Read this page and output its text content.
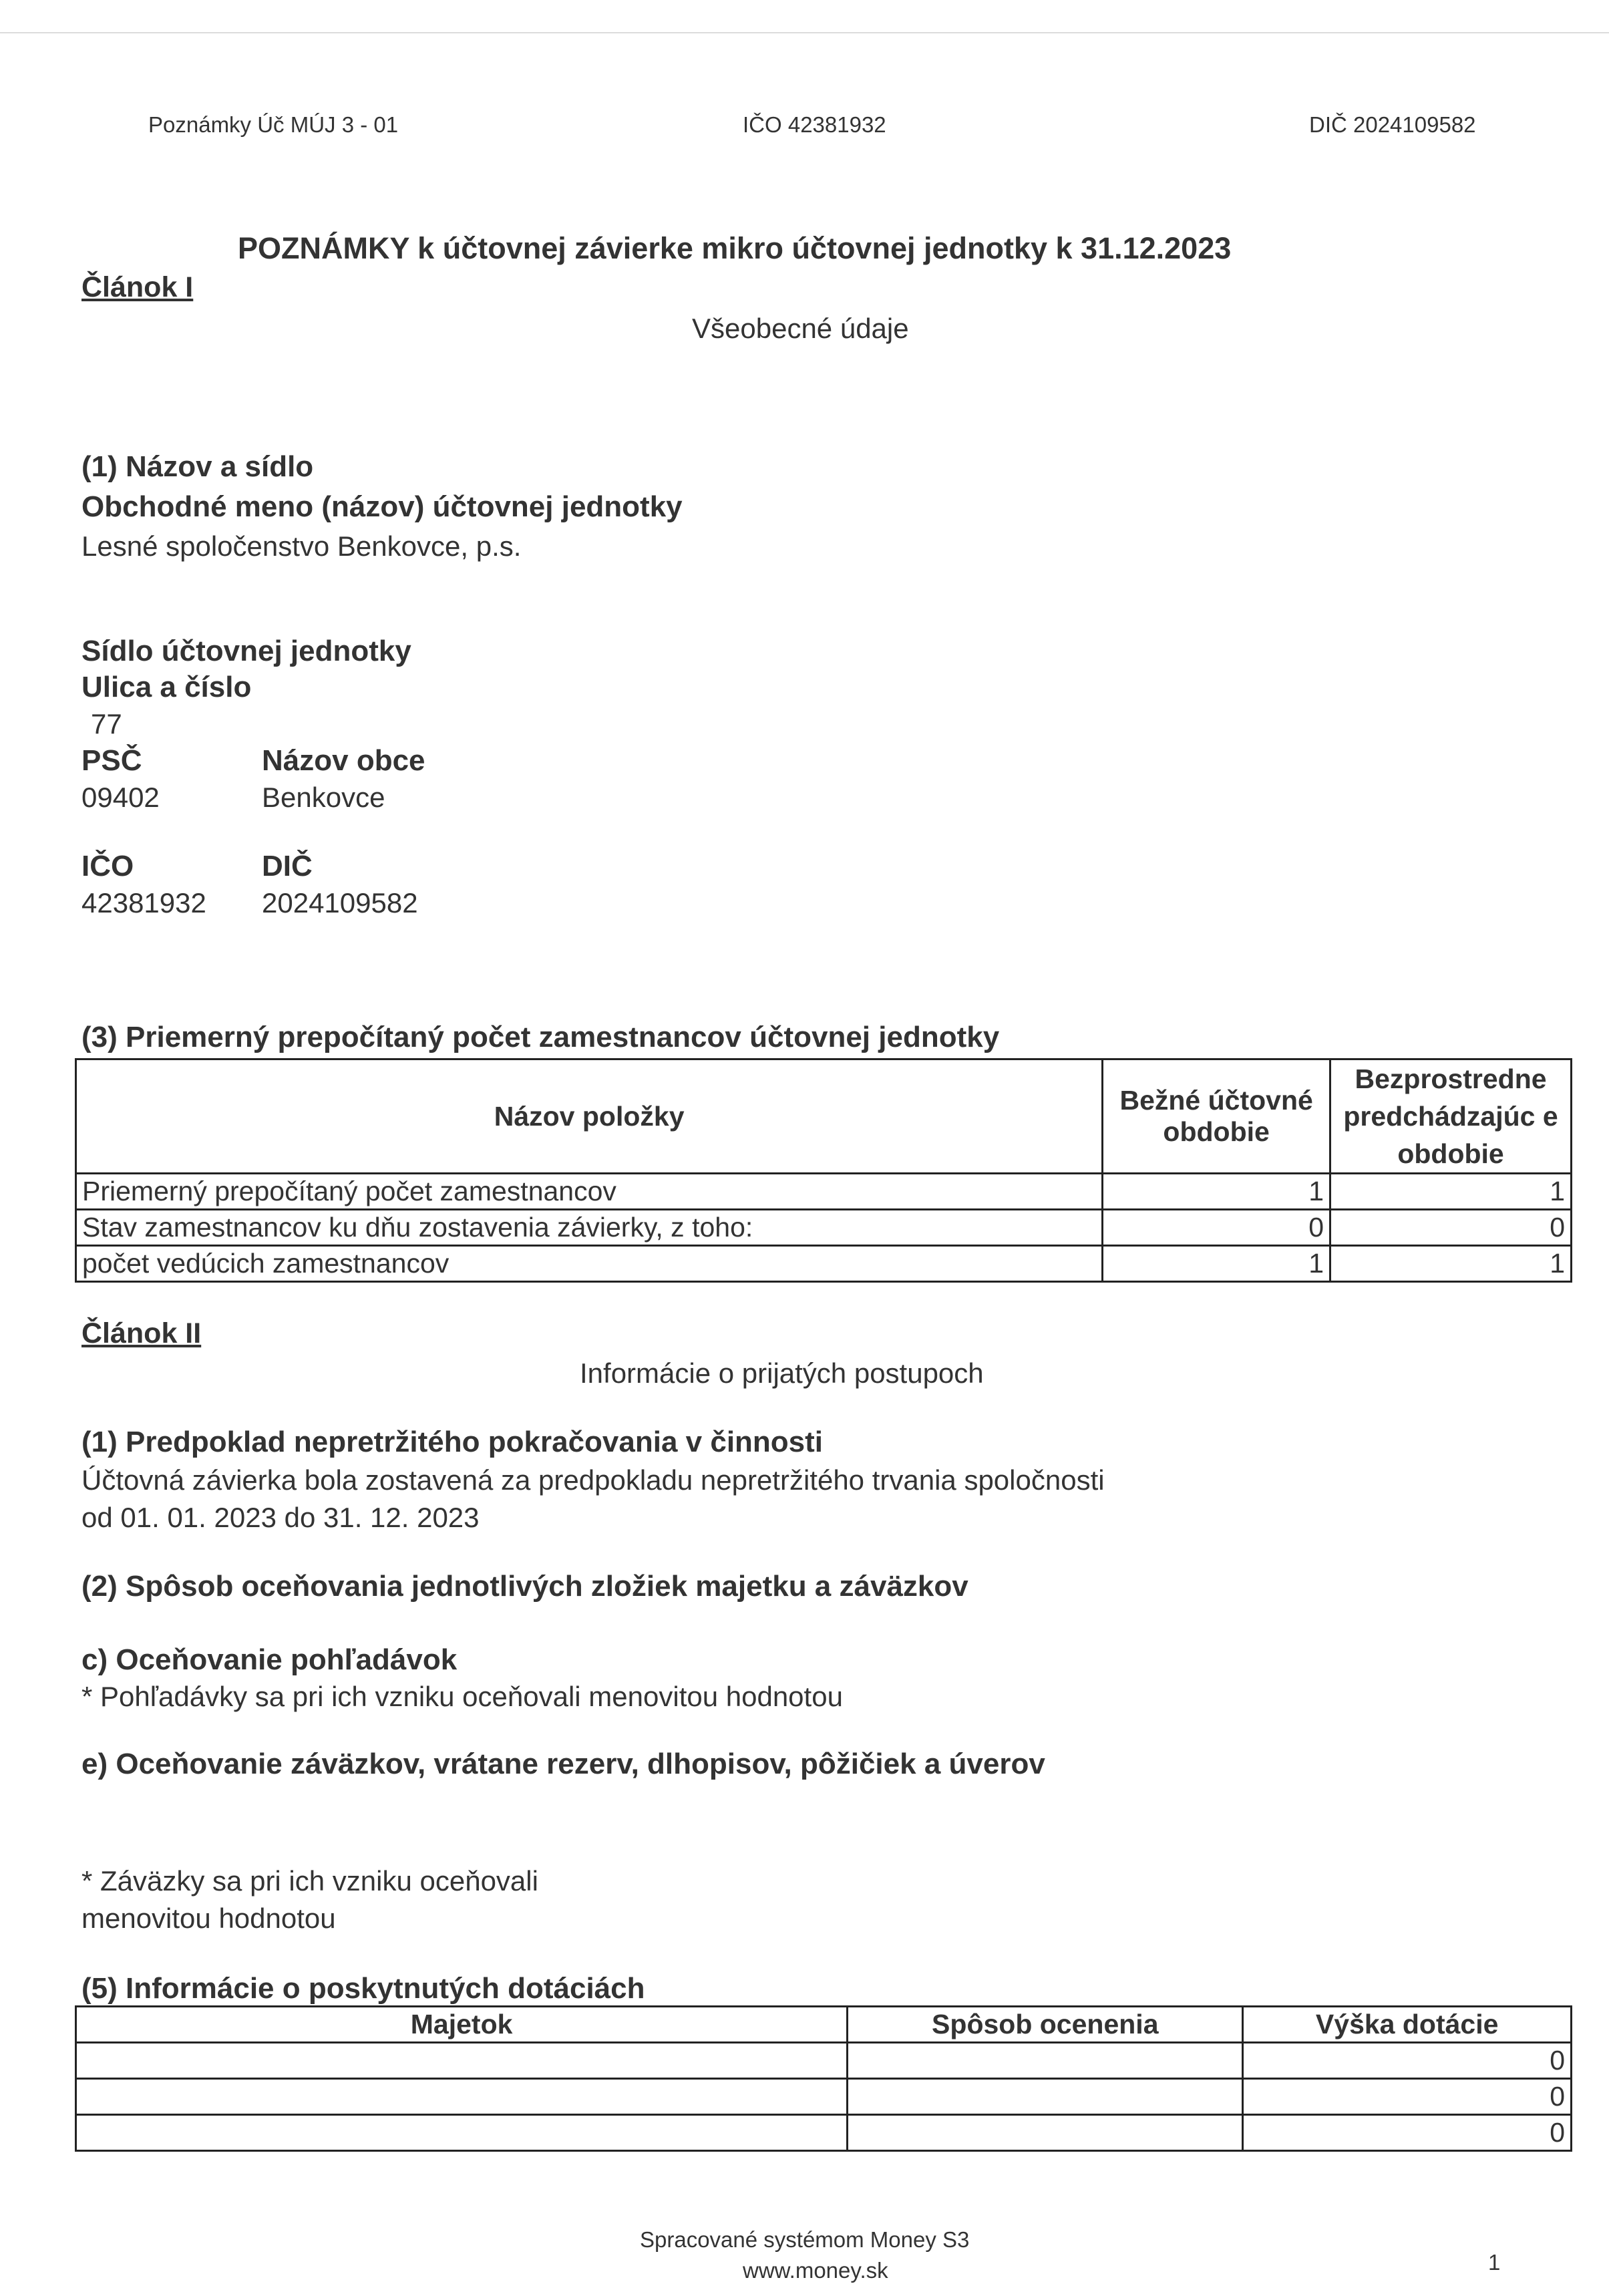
Poznámky Úč MÚJ 3 - 01	IČO 42381932	DIČ 2024109582
POZNÁMKY k účtovnej závierke mikro účtovnej jednotky k 31.12.2023
Článok I
Všeobecné údaje
(1) Názov a sídlo
Obchodné meno (názov) účtovnej jednotky
Lesné spoločenstvo Benkovce, p.s.
Sídlo účtovnej jednotky
Ulica a číslo
77
PSČ	Názov obce
09402	Benkovce
IČO	DIČ
42381932 2024109582
(3) Priemerný prepočítaný počet zamestnancov účtovnej jednotky
Názov položky	Bežné účtovné obdobie	Bezprostredne predchádzajúc e obdobie
Priemerný prepočítaný počet zamestnancov	1	1
Stav zamestnancov ku dňu zostavenia závierky, z toho:	0	0
počet vedúcich zamestnancov	1	1
Článok II
Informácie o prijatých postupoch
(1) Predpoklad nepretržitého pokračovania v činnosti
Účtovná závierka bola zostavená za predpokladu nepretržitého trvania spoločnosti
od 01. 01. 2023 do 31. 12. 2023
(2) Spôsob oceňovania jednotlivých zložiek majetku a záväzkov
c) Oceňovanie pohľadávok
* Pohľadávky sa pri ich vzniku oceňovali menovitou hodnotou
e) Oceňovanie záväzkov, vrátane rezerv, dlhopisov, pôžičiek a úverov
* Záväzky sa pri ich vzniku oceňovali
menovitou hodnotou
(5) Informácie o poskytnutých dotáciách
Majetok	Spôsob ocenenia	Výška dotácie
		0
		0
		0
Spracované systémom Money S3
www.money.sk	1
